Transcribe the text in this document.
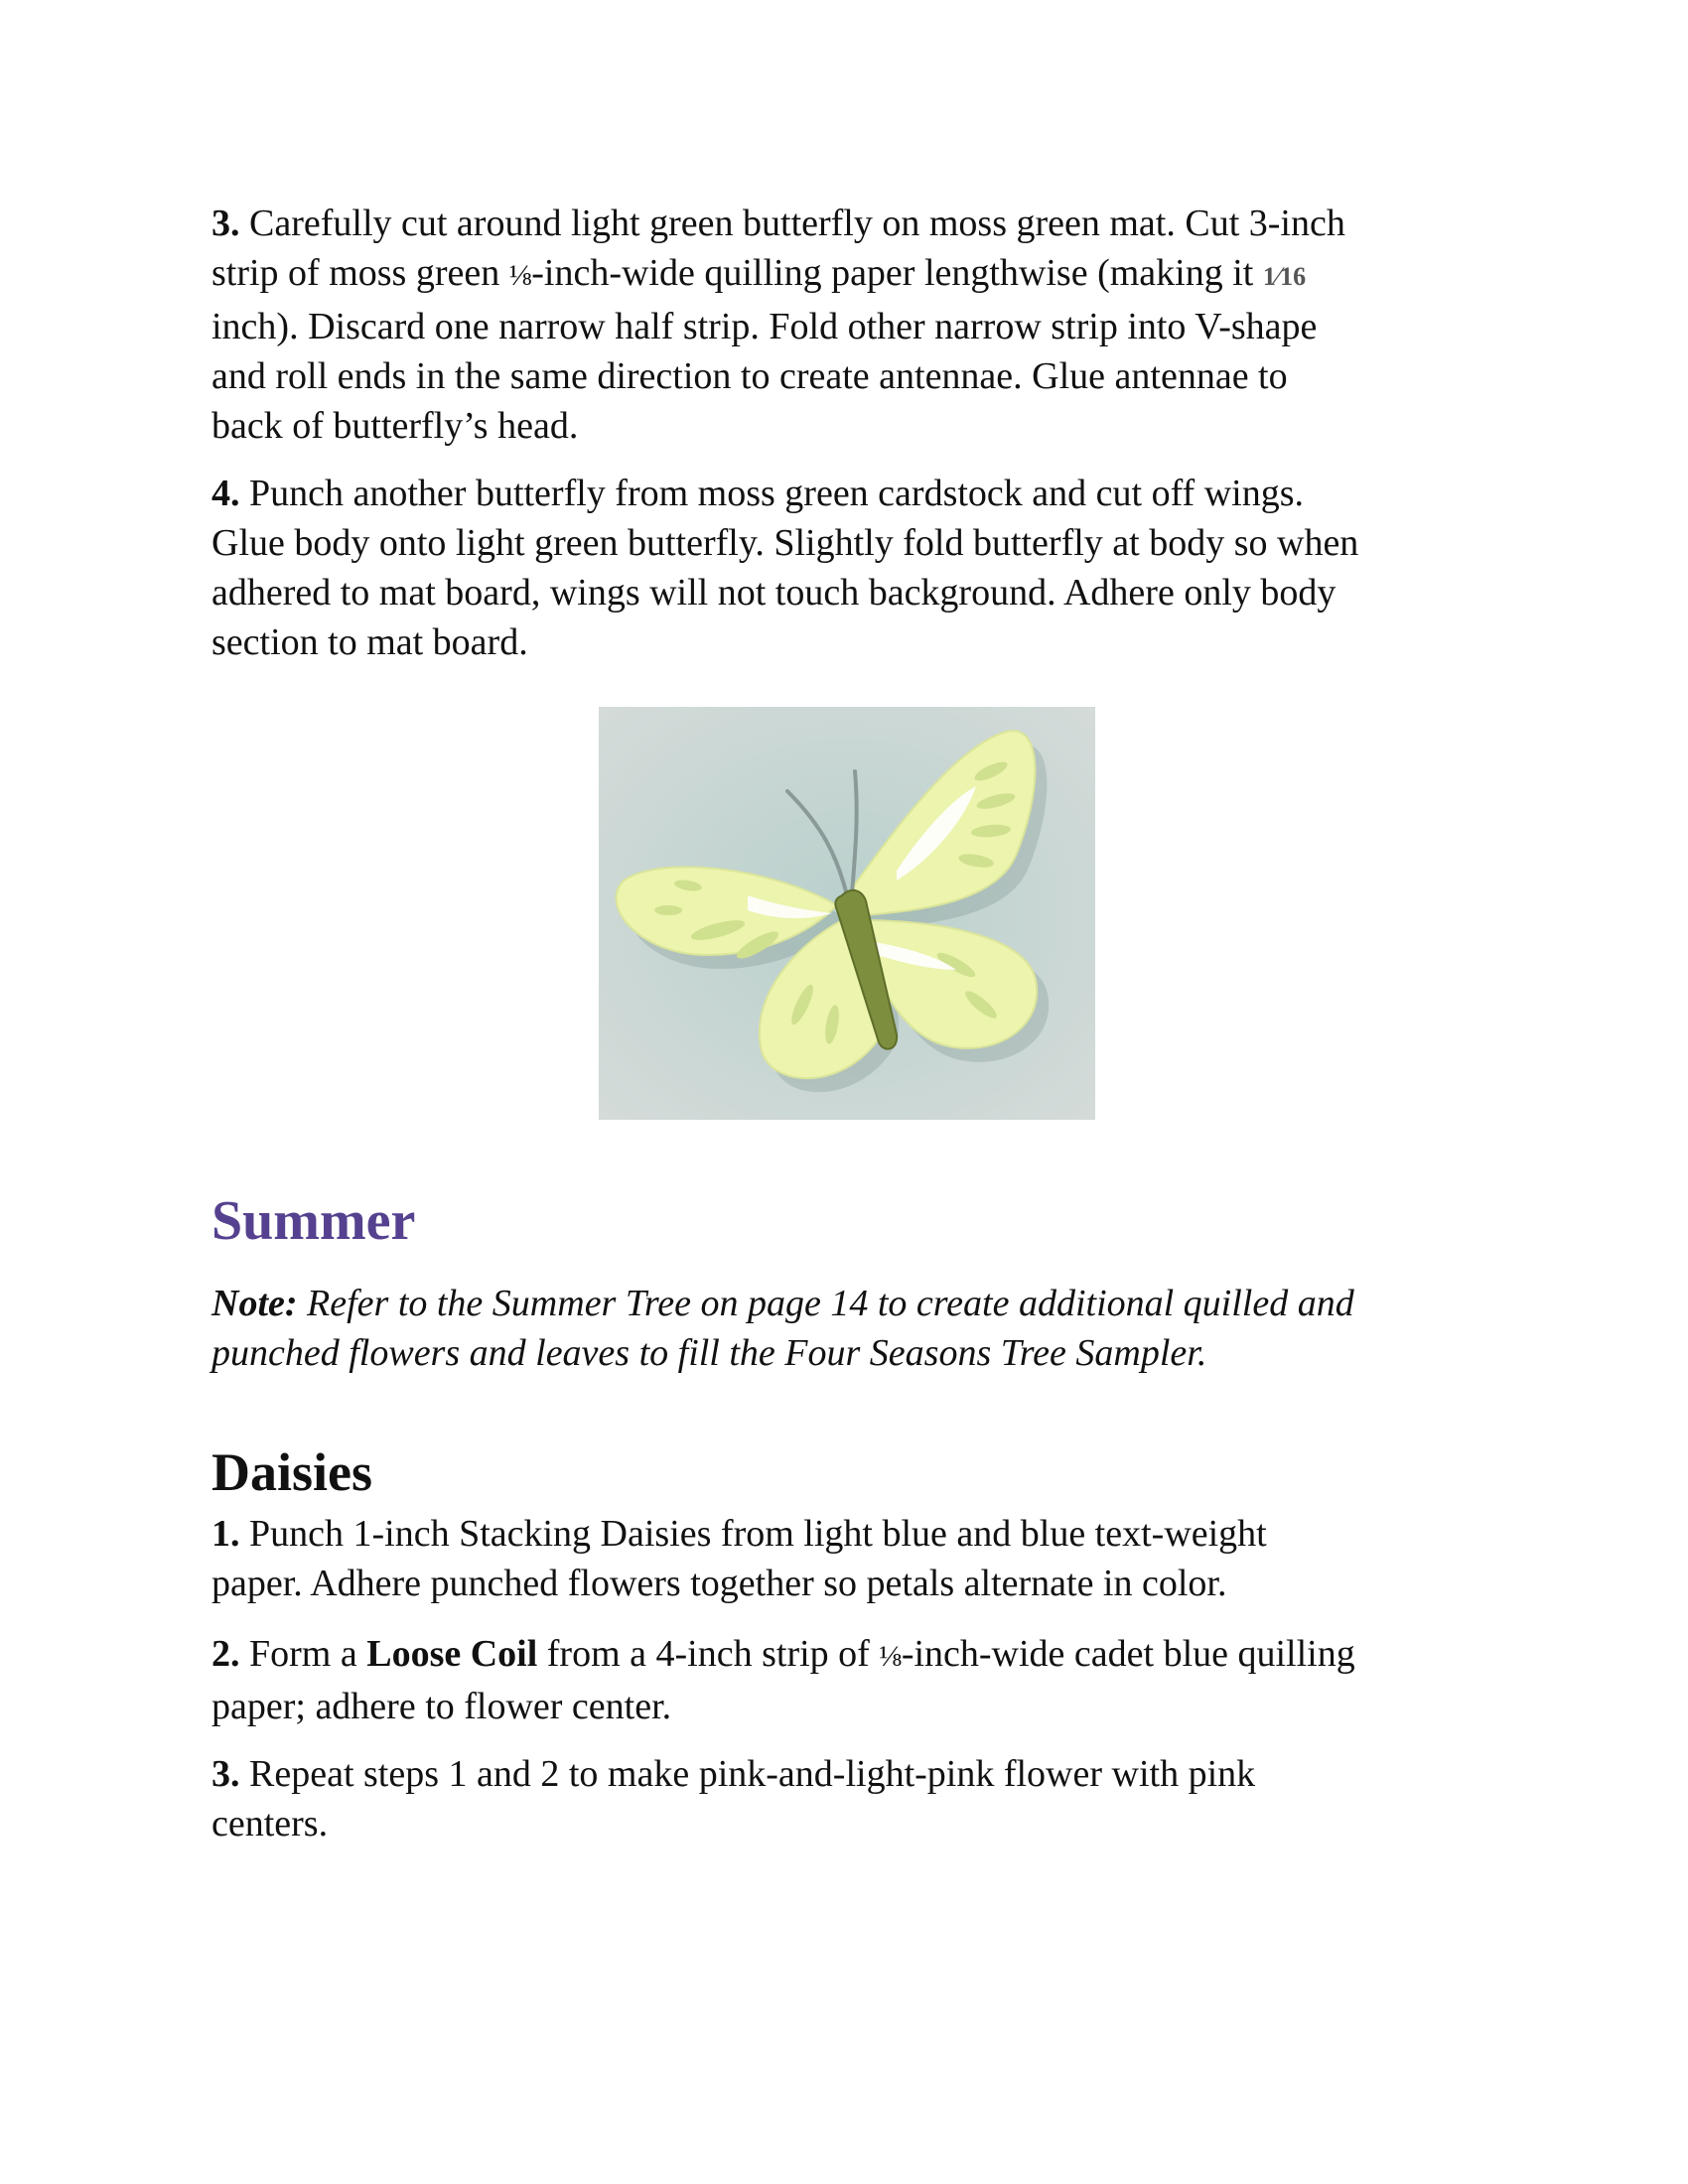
3. Carefully cut around light green butterfly on moss green mat. Cut 3-inch
strip of moss green ⅛-inch-wide quilling paper lengthwise (making it 1⁄16
inch). Discard one narrow half strip. Fold other narrow strip into V-shape
and roll ends in the same direction to create antennae. Glue antennae to
back of butterfly’s head.

4. Punch another butterfly from moss green cardstock and cut off wings.
Glue body onto light green butterfly. Slightly fold butterfly at body so when
adhered to mat board, wings will not touch background. Adhere only body
section to mat board.

Summer

Note: Refer to the Summer Tree on page 14 to create additional quilled and
punched flowers and leaves to fill the Four Seasons Tree Sampler.

Daisies

1. Punch 1-inch Stacking Daisies from light blue and blue text-weight
paper. Adhere punched flowers together so petals alternate in color.

2. Form a Loose Coil from a 4-inch strip of ⅛-inch-wide cadet blue quilling
paper; adhere to flower center.

3. Repeat steps 1 and 2 to make pink-and-light-pink flower with pink
centers.
